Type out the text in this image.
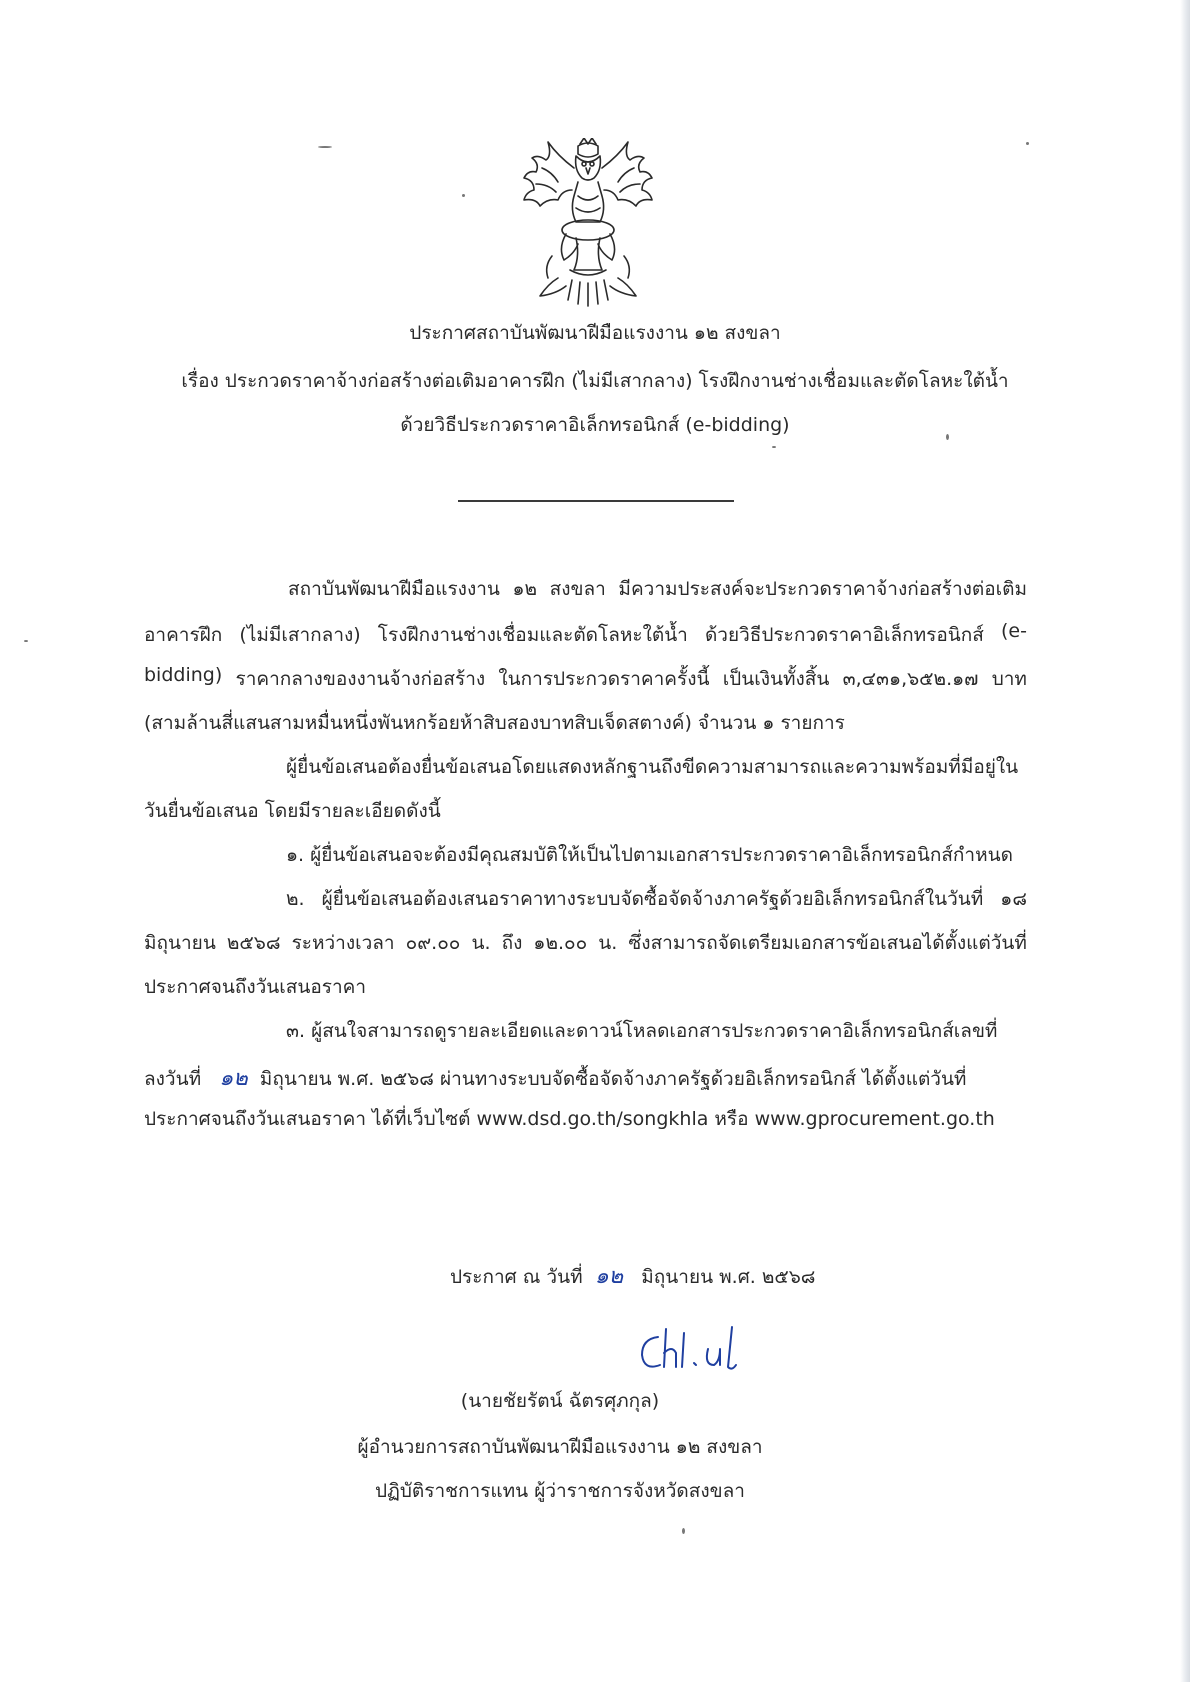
ประกาศสถาบันพัฒนาฝีมือแรงงาน ๑๒ สงขลา
เรื่อง ประกวดราคาจ้างก่อสร้างต่อเติมอาคารฝึก (ไม่มีเสากลาง) โรงฝึกงานช่างเชื่อมและตัดโลหะใต้น้ำ
ด้วยวิธีประกวดราคาอิเล็กทรอนิกส์ (e-bidding)
สถาบันพัฒนาฝีมือแรงงาน ๑๒ สงขลา มีความประสงค์จะประกวดราคาจ้างก่อสร้างต่อเติม
อาคารฝึก (ไม่มีเสากลาง) โรงฝึกงานช่างเชื่อมและตัดโลหะใต้น้ำ ด้วยวิธีประกวดราคาอิเล็กทรอนิกส์ (e-
bidding) ราคากลางของงานจ้างก่อสร้าง ในการประกวดราคาครั้งนี้ เป็นเงินทั้งสิ้น ๓,๔๓๑,๖๕๒.๑๗ บาท
(สามล้านสี่แสนสามหมื่นหนึ่งพันหกร้อยห้าสิบสองบาทสิบเจ็ดสตางค์) จำนวน ๑ รายการ
ผู้ยื่นข้อเสนอต้องยื่นข้อเสนอโดยแสดงหลักฐานถึงขีดความสามารถและความพร้อมที่มีอยู่ใน
วันยื่นข้อเสนอ โดยมีรายละเอียดดังนี้
๑. ผู้ยื่นข้อเสนอจะต้องมีคุณสมบัติให้เป็นไปตามเอกสารประกวดราคาอิเล็กทรอนิกส์กำหนด
๒. ผู้ยื่นข้อเสนอต้องเสนอราคาทางระบบจัดซื้อจัดจ้างภาครัฐด้วยอิเล็กทรอนิกส์ในวันที่ ๑๘
มิถุนายน ๒๕๖๘ ระหว่างเวลา ๐๙.๐๐ น. ถึง ๑๒.๐๐ น. ซึ่งสามารถจัดเตรียมเอกสารข้อเสนอได้ตั้งแต่วันที่
ประกาศจนถึงวันเสนอราคา
๓. ผู้สนใจสามารถดูรายละเอียดและดาวน์โหลดเอกสารประกวดราคาอิเล็กทรอนิกส์เลขที่
ลงวันที่ ๑๒ มิถุนายน พ.ศ. ๒๕๖๘ ผ่านทางระบบจัดซื้อจัดจ้างภาครัฐด้วยอิเล็กทรอนิกส์ ได้ตั้งแต่วันที่
ประกาศจนถึงวันเสนอราคา ได้ที่เว็บไซต์ www.dsd.go.th/songkhla หรือ www.gprocurement.go.th
ประกาศ ณ วันที่ ๑๒ มิถุนายน พ.ศ. ๒๕๖๘
(นายชัยรัตน์ ฉัตรศุภกุล)
ผู้อำนวยการสถาบันพัฒนาฝีมือแรงงาน ๑๒ สงขลา
ปฏิบัติราชการแทน ผู้ว่าราชการจังหวัดสงขลา
